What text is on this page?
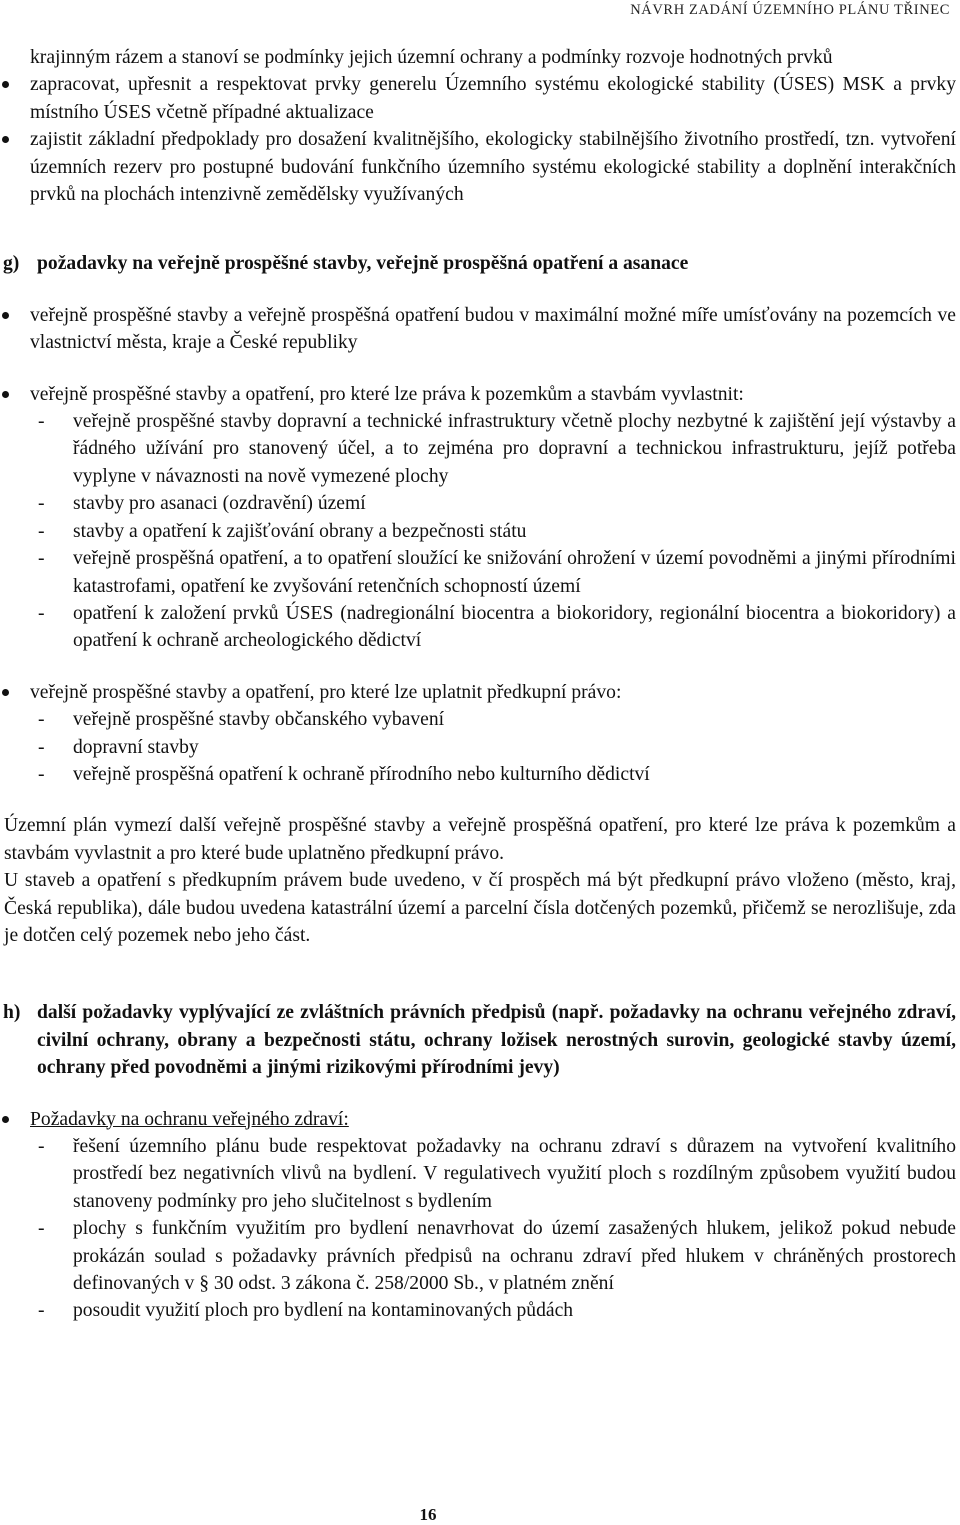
NÁVRH ZADÁNÍ ÚZEMNÍHO PLÁNU TŘINEC

krajinným rázem a stanoví se podmínky jejich územní ochrany a podmínky rozvoje hodnotných prvků

zapracovat, upřesnit a respektovat prvky generelu Územního systému ekologické stability (ÚSES) MSK a prvky místního ÚSES včetně případné aktualizace

zajistit základní předpoklady pro dosažení kvalitnějšího, ekologicky stabilnějšího životního prostředí, tzn. vytvoření územních rezerv pro postupné budování funkčního územního systému ekologické stability a doplnění interakčních prvků na plochách intenzivně zemědělsky využívaných

g) požadavky na veřejně prospěšné stavby, veřejně prospěšná opatření a asanace

veřejně prospěšné stavby a veřejně prospěšná opatření budou v maximální možné míře umísťovány na pozemcích ve vlastnictví města, kraje a České republiky

veřejně prospěšné stavby a opatření, pro které lze práva k pozemkům a stavbám vyvlastnit:

- veřejně prospěšné stavby dopravní a technické infrastruktury včetně plochy nezbytné k zajištění její výstavby a řádného užívání pro stanovený účel, a to zejména pro dopravní a technickou infrastrukturu, jejíž potřeba vyplyne v návaznosti na nově vymezené plochy

- stavby pro asanaci (ozdravění) území

- stavby a opatření k zajišťování obrany a bezpečnosti státu

- veřejně prospěšná opatření, a to opatření sloužící ke snižování ohrožení v území povodněmi a jinými přírodními katastrofami, opatření ke zvyšování retenčních schopností území

- opatření k založení prvků ÚSES (nadregionální biocentra a biokoridory, regionální biocentra a biokoridory) a opatření k ochraně archeologického dědictví

veřejně prospěšné stavby a opatření, pro které lze uplatnit předkupní právo:

- veřejně prospěšné stavby občanského vybavení

- dopravní stavby

- veřejně prospěšná opatření k ochraně přírodního nebo kulturního dědictví

Územní plán vymezí další veřejně prospěšné stavby a veřejně prospěšná opatření, pro které lze práva k pozemkům a stavbám vyvlastnit a pro které bude uplatněno předkupní právo.

U staveb a opatření s předkupním právem bude uvedeno, v čí prospěch má být předkupní právo vloženo (město, kraj, Česká republika), dále budou uvedena katastrální území a parcelní čísla dotčených pozemků, přičemž se nerozlišuje, zda je dotčen celý pozemek nebo jeho část.

h) další požadavky vyplývající ze zvláštních právních předpisů (např. požadavky na ochranu veřejného zdraví, civilní ochrany, obrany a bezpečnosti státu, ochrany ložisek nerostných surovin, geologické stavby území, ochrany před povodněmi a jinými rizikovými přírodními jevy)

Požadavky na ochranu veřejného zdraví:

- řešení územního plánu bude respektovat požadavky na ochranu zdraví s důrazem na vytvoření kvalitního prostředí bez negativních vlivů na bydlení. V regulativech využití ploch s rozdílným způsobem využití budou stanoveny podmínky pro jeho slučitelnost s bydlením

- plochy s funkčním využitím pro bydlení nenavrhovat do území zasažených hlukem, jelikož pokud nebude prokázán soulad s požadavky právních předpisů na ochranu zdraví před hlukem v chráněných prostorech definovaných v § 30 odst. 3 zákona č. 258/2000 Sb., v platném znění

- posoudit využití ploch pro bydlení na kontaminovaných půdách

16
